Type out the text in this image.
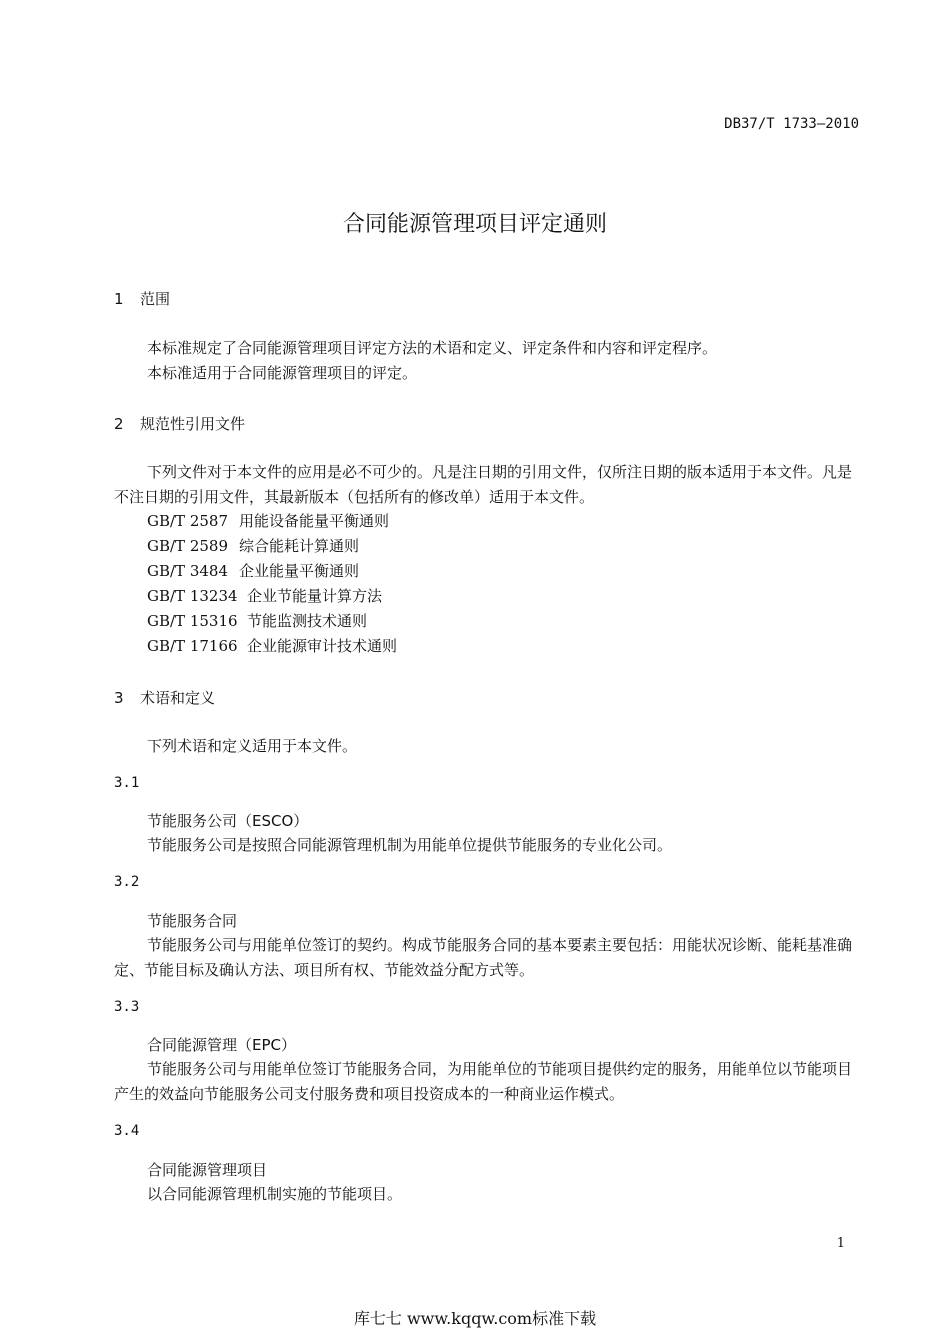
DB37/T 1733—2010
合同能源管理项目评定通则
1 范围

本标准规定了合同能源管理项目评定方法的术语和定义、评定条件和内容和评定程序。

本标准适用于合同能源管理项目的评定。

2 规范性引用文件

下列文件对于本文件的应用是必不可少的。凡是注日期的引用文件，仅所注日期的版本适用于本文件。凡是不注日期的引用文件，其最新版本（包括所有的修改单）适用于本文件。

GB/T 2587 用能设备能量平衡通则
GB/T 2589 综合能耗计算通则
GB/T 3484 企业能量平衡通则
GB/T 13234 企业节能量计算方法
GB/T 15316 节能监测技术通则
GB/T 17166 企业能源审计技术通则
3 术语和定义

下列术语和定义适用于本文件。

3.1
节能服务公司（ESCO）

节能服务公司是按照合同能源管理机制为用能单位提供节能服务的专业化公司。

3.2
节能服务合同

节能服务公司与用能单位签订的契约。构成节能服务合同的基本要素主要包括：用能状况诊断、能耗基准确定、节能目标及确认方法、项目所有权、节能效益分配方式等。

3.3
合同能源管理（EPC）

节能服务公司与用能单位签订节能服务合同，为用能单位的节能项目提供约定的服务，用能单位以节能项目产生的效益向节能服务公司支付服务费和项目投资成本的一种商业运作模式。

3.4
合同能源管理项目

以合同能源管理机制实施的节能项目。

1
库七七 www.kqqw.com标准下载
